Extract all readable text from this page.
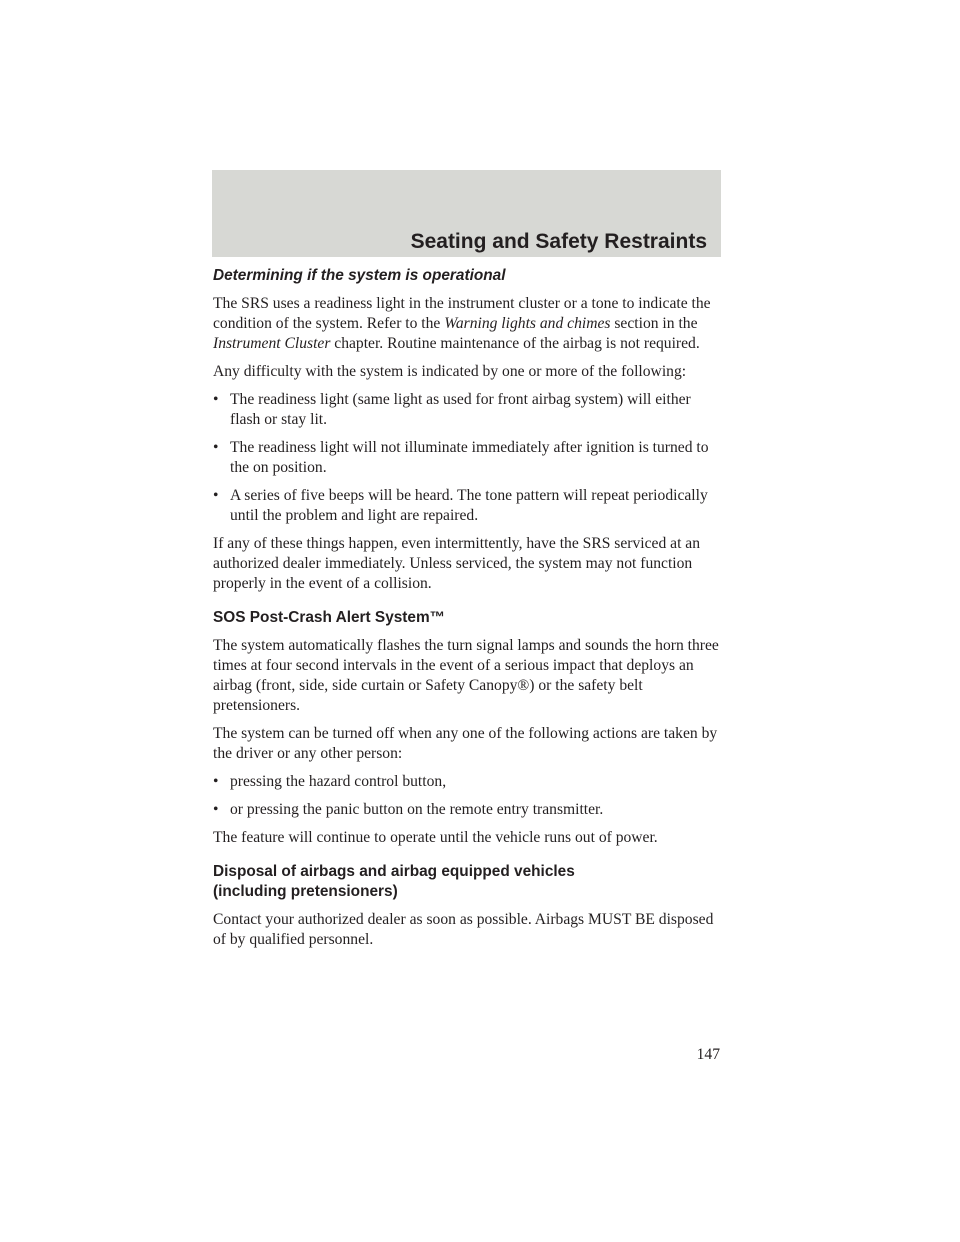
Seating and Safety Restraints
Determining if the system is operational

The SRS uses a readiness light in the instrument cluster or a tone to indicate the condition of the system. Refer to the Warning lights and chimes section in the Instrument Cluster chapter. Routine maintenance of the airbag is not required.

Any difficulty with the system is indicated by one or more of the following:

• The readiness light (same light as used for front airbag system) will either flash or stay lit.
• The readiness light will not illuminate immediately after ignition is turned to the on position.
• A series of five beeps will be heard. The tone pattern will repeat periodically until the problem and light are repaired.

If any of these things happen, even intermittently, have the SRS serviced at an authorized dealer immediately. Unless serviced, the system may not function properly in the event of a collision.

SOS Post-Crash Alert System™

The system automatically flashes the turn signal lamps and sounds the horn three times at four second intervals in the event of a serious impact that deploys an airbag (front, side, side curtain or Safety Canopy®) or the safety belt pretensioners.

The system can be turned off when any one of the following actions are taken by the driver or any other person:

• pressing the hazard control button,
• or pressing the panic button on the remote entry transmitter.

The feature will continue to operate until the vehicle runs out of power.

Disposal of airbags and airbag equipped vehicles
(including pretensioners)

Contact your authorized dealer as soon as possible. Airbags MUST BE disposed of by qualified personnel.

147
